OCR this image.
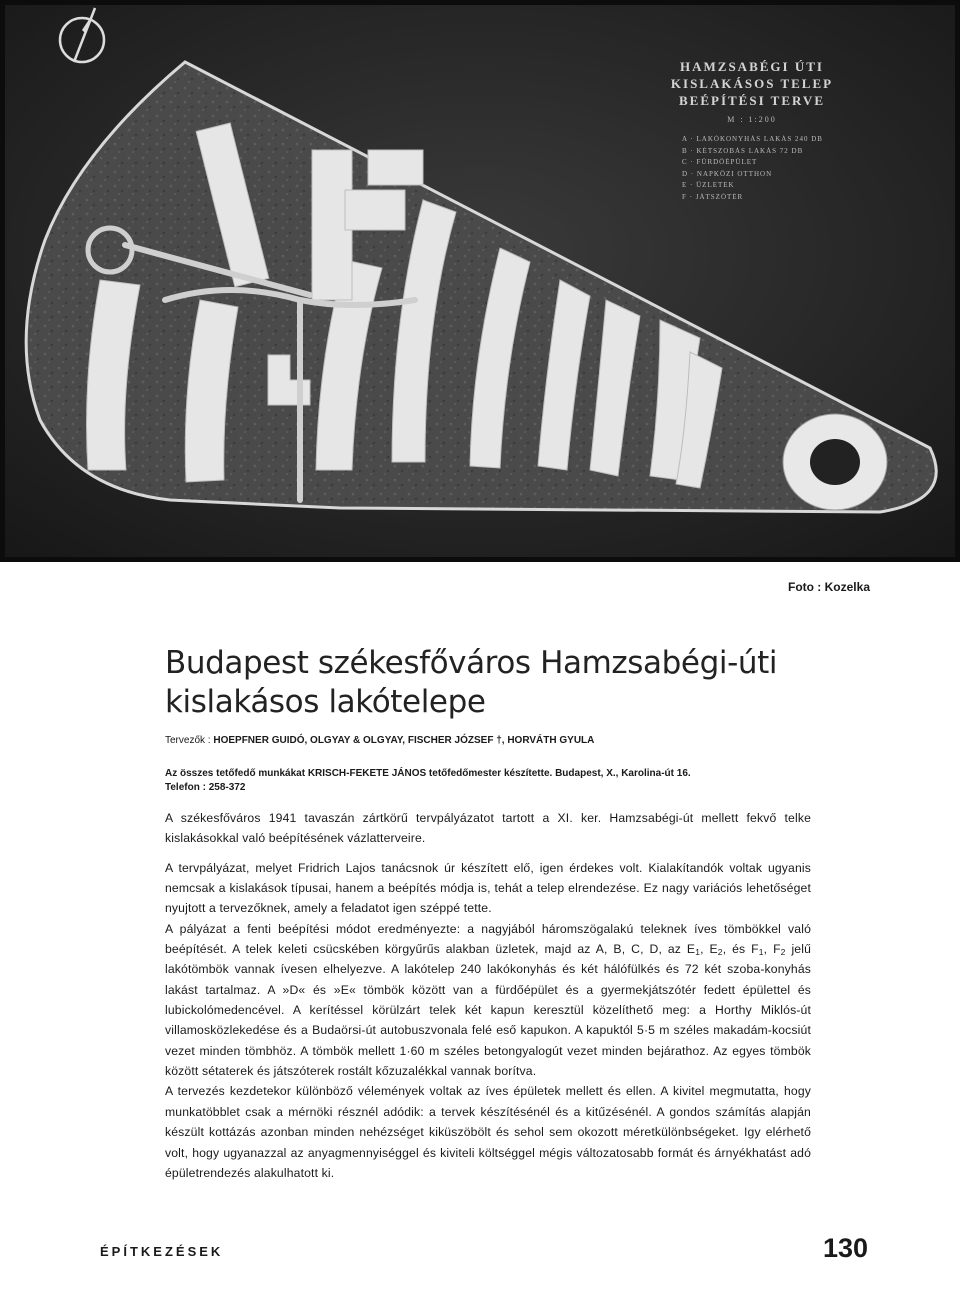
HAMZSABÉGI ÚTI
KISLAKÁSOS TELEP
BEÉPÍTÉSI TERVE
M : 1:200
A · LAKÓKONYHÁS LAKÁS 240 DB
B · KÉTSZOBÁS LAKÁS 72 DB
C · FÜRDŐÉPÜLET
D · NAPKÖZI OTTHON
E · ÜZLETEK
F · JÁTSZÓTÉR
Foto : Kozelka
Budapest székesfőváros Hamzsabégi-úti
kislakásos lakótelepe
Tervezők : HOEPFNER GUIDÓ, OLGYAY & OLGYAY, FISCHER JÓZSEF †, HORVÁTH GYULA
Az összes tetőfedő munkákat KRISCH-FEKETE JÁNOS tetőfedőmester készítette. Budapest, X., Karolina-út 16. Telefon : 258-372

A székesfőváros 1941 tavaszán zártkörű tervpályázatot tartott a XI. ker. Hamzsabégi-út mellett fekvő telke kislakásokkal való beépítésének vázlatterveire.

A tervpályázat, melyet Fridrich Lajos tanácsnok úr készített elő, igen érdekes volt. Kialakítandók voltak ugyanis nemcsak a kislakások típusai, hanem a beépítés módja is, tehát a telep elrendezése. Ez nagy variációs lehetőséget nyujtott a tervezőknek, amely a feladatot igen széppé tette.

A pályázat a fenti beépítési módot eredményezte: a nagyjából háromszögalakú teleknek íves tömbökkel való beépítését. A telek keleti csücskében körgyűrűs alakban üzletek, majd az A, B, C, D, az $E_1$, $E_2$, és $F_1$, $F_2$ jelű lakótömbök vannak ívesen elhelyezve. A lakótelep 240 lakókonyhás és két hálófülkés és 72 két szoba-konyhás lakást tartalmaz. A »D« és »E« tömbök között van a fürdőépület és a gyermekjátszótér fedett épülettel és lubickolómedencével. A kerítéssel körülzárt telek két kapun keresztül közelíthető meg: a Horthy Miklós-út villamosközlekedése és a Budaörsi-út autobuszvonala felé eső kapukon. A kapuktól 5·5 m széles makadám-kocsiút vezet minden tömbhöz. A tömbök mellett 1·60 m széles betongyalogút vezet minden bejárathoz. Az egyes tömbök között sétaterek és játszóterek rostált kőzuzalékkal vannak borítva.

A tervezés kezdetekor különböző vélemények voltak az íves épületek mellett és ellen. A kivitel megmutatta, hogy munkatöbblet csak a mérnöki résznél adódik: a tervek készítésénél és a kitűzésénél. A gondos számítás alapján készült kottázás azonban minden nehézséget kiküszöbölt és sehol sem okozott méretkülönbségeket. Igy elérhető volt, hogy ugyanazzal az anyagmennyiséggel és kiviteli költséggel mégis változatosabb formát és árnyékhatást adó épületrendezés alakulhatott ki.

ÉPÍTKEZÉSEK	130
